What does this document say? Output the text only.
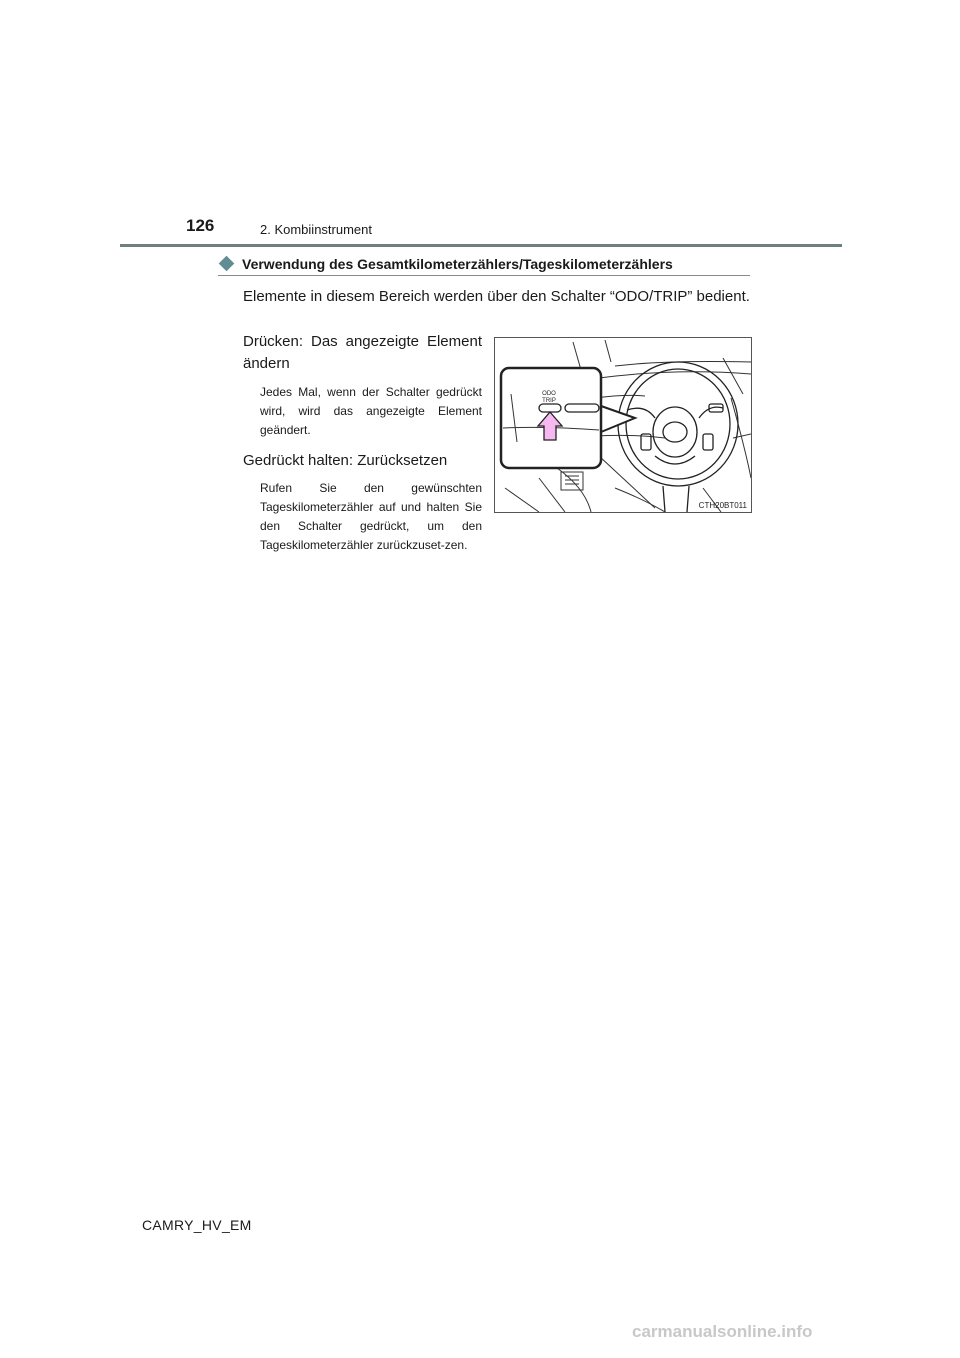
126	2. Kombiinstrument
Verwendung des Gesamtkilometerzählers/Tageskilometerzählers
Elemente in diesem Bereich werden über den Schalter “ODO/TRIP” bedient.

Drücken: Das angezeigte Element ändern

Jedes Mal, wenn der Schalter gedrückt wird, wird das angezeigte Element geändert.

Gedrückt halten: Zurücksetzen

Rufen Sie den gewünschten Tageskilometerzähler auf und halten Sie den Schalter gedrückt, um den Tageskilometerzähler zurückzuset-zen.

ODO
TRIP
CTH20BT011
CAMRY_HV_EM
carmanualsonline.info
